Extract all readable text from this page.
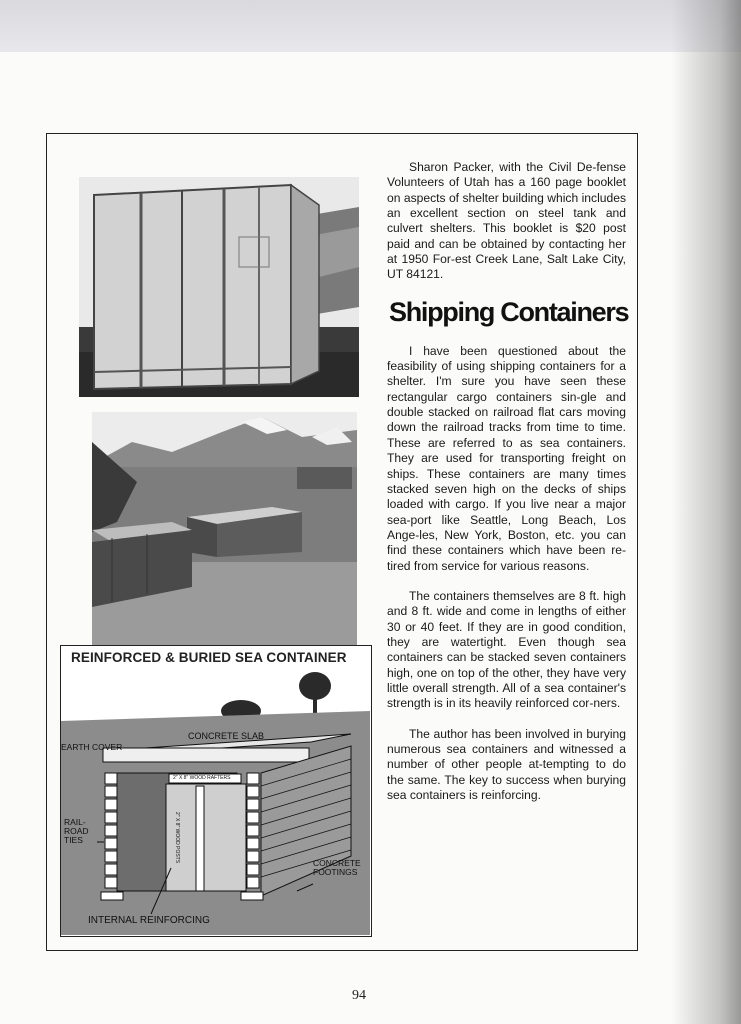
REINFORCED & BURIED SEA CONTAINER
CONCRETE SLAB
EARTH COVER
2" X 8" WOOD RAFTERS
2" X 8" WOOD POSTS
RAIL-
ROAD
TIES
CONCRETE
FOOTINGS
INTERNAL REINFORCING

Sharon Packer, with the Civil De-fense Volunteers of Utah has a 160 page booklet on aspects of shelter building which includes an excellent section on steel tank and culvert shelters. This booklet is $20 post paid and can be obtained by contacting her at 1950 For-est Creek Lane, Salt Lake City, UT 84121.

Shipping Containers

I have been questioned about the feasibility of using shipping containers for a shelter. I'm sure you have seen these rectangular cargo containers sin-gle and double stacked on railroad flat cars moving down the railroad tracks from time to time. These are referred to as sea containers. They are used for transporting freight on ships. These containers are many times stacked seven high on the decks of ships loaded with cargo. If you live near a major sea-port like Seattle, Long Beach, Los Ange-les, New York, Boston, etc. you can find these containers which have been re-tired from service for various reasons.

The containers themselves are 8 ft. high and 8 ft. wide and come in lengths of either 30 or 40 feet. If they are in good condition, they are watertight. Even though sea containers can be stacked seven containers high, one on top of the other, they have very little overall strength. All of a sea container's strength is in its heavily reinforced cor-ners.

The author has been involved in burying numerous sea containers and witnessed a number of other people at-tempting to do the same. The key to success when burying sea containers is reinforcing.

94
